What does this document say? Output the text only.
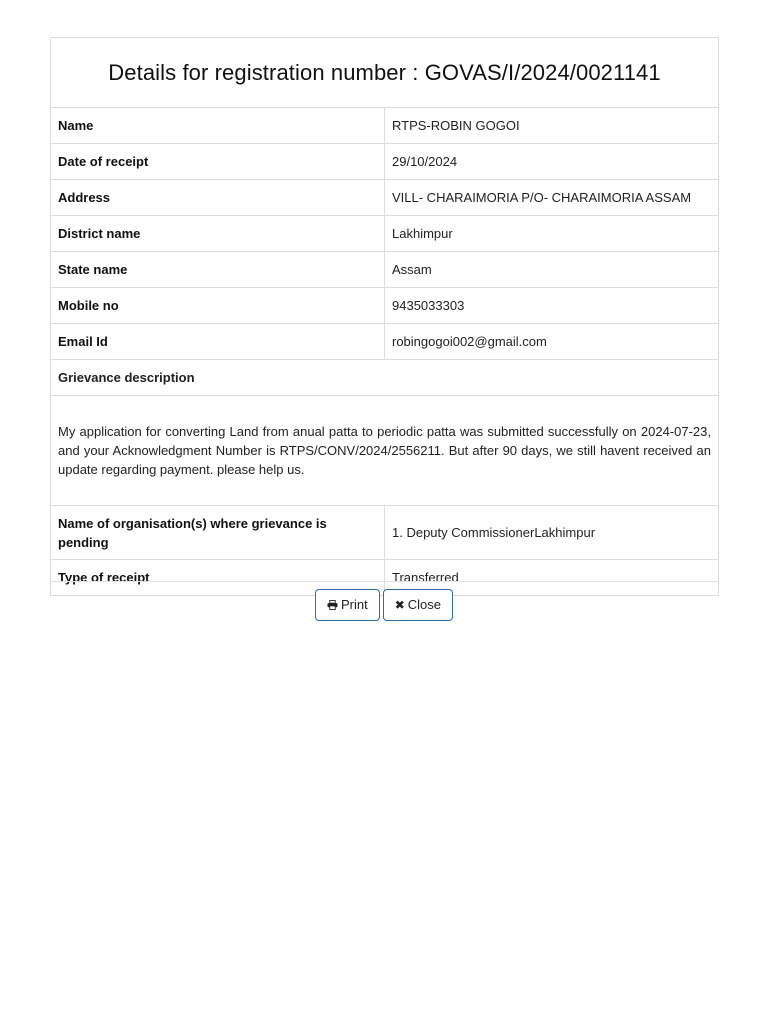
Details for registration number : GOVAS/I/2024/0021141	
Name	RTPS-ROBIN GOGOI
Date of receipt	29/10/2024
Address	VILL- CHARAIMORIA P/O- CHARAIMORIA ASSAM
District name	Lakhimpur
State name	Assam
Mobile no	9435033303
Email Id	robingogoi002@gmail.com
Grievance description	
My application for converting Land from anual patta to periodic patta was submitted successfully on 2024-07-23, and your Acknowledgment Number is RTPS/CONV/2024/2556211. But after 90 days, we still havent received an update regarding payment. please help us.	
Name of organisation(s) where grievance is pending	1. Deputy CommissionerLakhimpur
Type of receipt	Transferred
Print ✖ Close
